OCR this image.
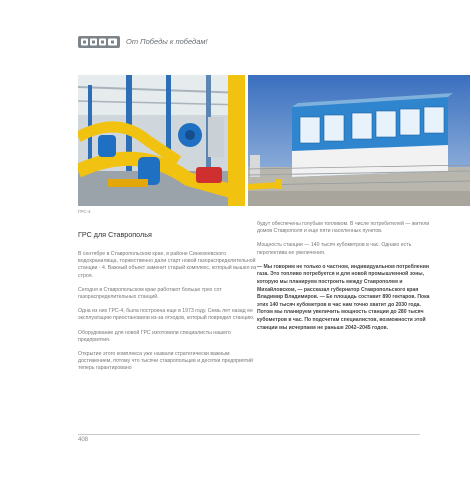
От Победы к победам!
ГРС-4
ГРС для Ставрополья

В сентябре в Ставропольском крае, в районе Синюхеевского водохранилища, торжественно дали старт новой газораспределительной станции - 4. Важный объект заменит старый комплекс, который вышел из строя.

Сегодня в Ставропольском крае работают больше трех сот газораспределительных станций.

Одна из них ГРС-4, была построена еще в 1973 году. Семь лет назад ее эксплуатацию приостановили из-за отходов, который повредил станцию.

Оборудование для новой ГРС изготовили специалисты нашего предприятия.

Открытие этого комплекса уже назвали стратегически важным достижением, потому что тысячи ставропольцев и десятки предприятий теперь гарантировано

будут обеспечены голубым топливом. В числе потребителей — жители домов Ставрополя и еще пяти населенных пунктов.

Мощность станции — 140 тысяч кубометров в час. Однако есть перспектива ее увеличения.

— Мы говорим не только о частном, индивидуальном потреблении газа. Это топливо потребуется и для новой промышленной зоны, которую мы планируем построить между Ставрополем и Михайловском, — рассказал губернатор Ставропольского края Владимир Владимиров. — Ее площадь составит 890 гектаров. Пока этих 140 тысяч кубометров в час нам точно хватит до 2030 года. Потом мы планируем увеличить мощность станции до 280 тысяч кубометров в час. По подсчетам специалистов, возможности этой станции мы исчерпаем не раньше 2042–2045 годов.

408
